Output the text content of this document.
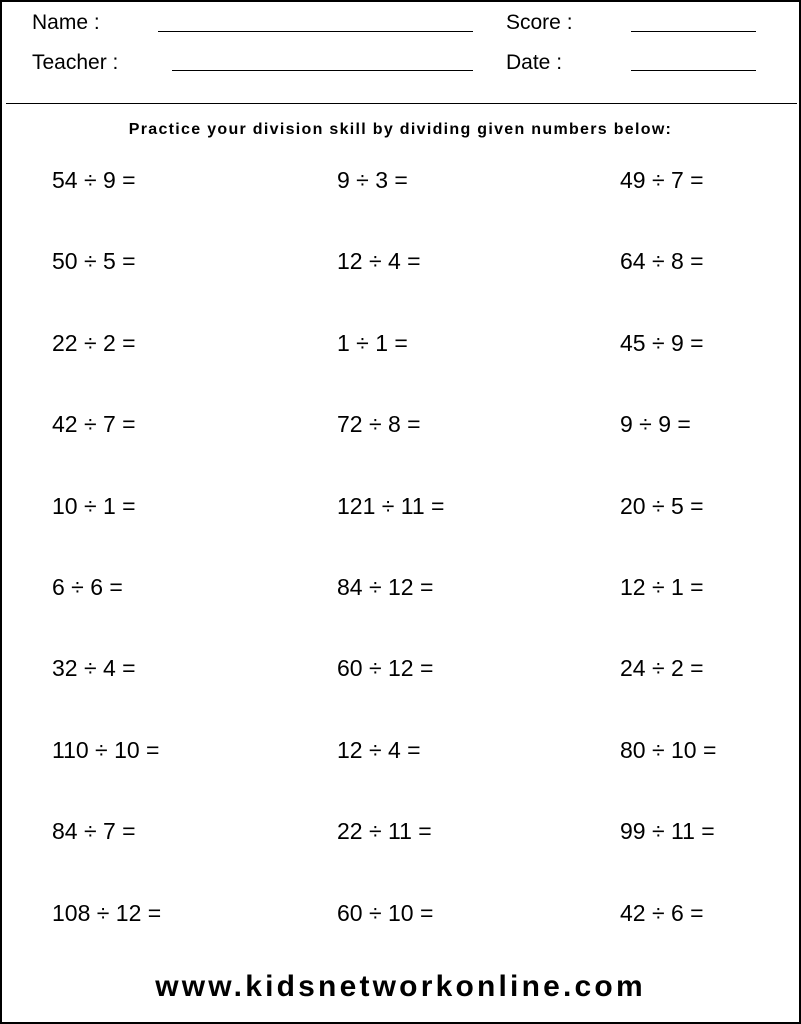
Name :	Score :
Teacher :	Date :
Practice your division skill by dividing given numbers below:
54 ÷ 9 =	9 ÷ 3 =	49 ÷ 7 =
50 ÷ 5 =	12 ÷ 4 =	64 ÷ 8 =
22 ÷ 2 =	1 ÷ 1 =	45 ÷ 9 =
42 ÷ 7 =	72 ÷ 8 =	9 ÷ 9 =
10 ÷ 1 =	121 ÷ 11 =	20 ÷ 5 =
6 ÷ 6 =	84 ÷ 12 =	12 ÷ 1 =
32 ÷ 4 =	60 ÷ 12 =	24 ÷ 2 =
110 ÷ 10 =	12 ÷ 4 =	80 ÷ 10 =
84 ÷ 7 =	22 ÷ 11 =	99 ÷ 11 =
108 ÷ 12 =	60 ÷ 10 =	42 ÷ 6 =
www.kidsnetworkonline.com
